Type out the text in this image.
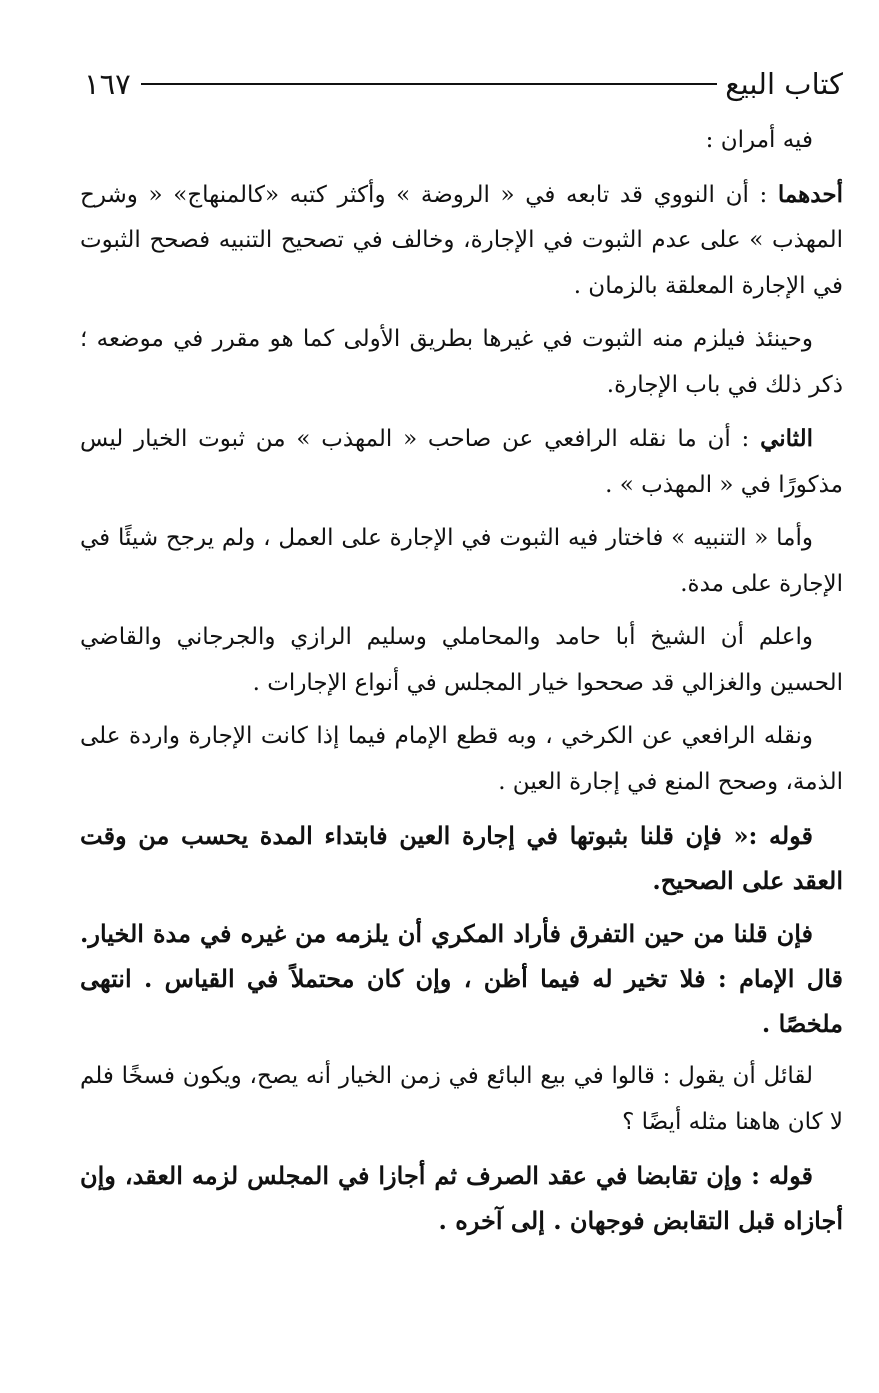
كتاب البيع
١٦٧

فيه أمران :

أحدهما : أن النووي قد تابعه في « الروضة » وأكثر كتبه «كالمنهاج» « وشرح المهذب » على عدم الثبوت في الإجارة، وخالف في تصحيح التنبيه فصحح الثبوت في الإجارة المعلقة بالزمان .

وحينئذ فيلزم منه الثبوت في غيرها بطريق الأولى كما هو مقرر في موضعه ؛ ذكر ذلك في باب الإجارة.

الثاني : أن ما نقله الرافعي عن صاحب « المهذب » من ثبوت الخيار ليس مذكورًا في « المهذب » .

وأما « التنبيه » فاختار فيه الثبوت في الإجارة على العمل ، ولم يرجح شيئًا في الإجارة على مدة.

واعلم أن الشيخ أبا حامد والمحاملي وسليم الرازي والجرجاني والقاضي الحسين والغزالي قد صححوا خيار المجلس في أنواع الإجارات .

ونقله الرافعي عن الكرخي ، وبه قطع الإمام فيما إذا كانت الإجارة واردة على الذمة، وصحح المنع في إجارة العين .

قوله :« فإن قلنا بثبوتها في إجارة العين فابتداء المدة يحسب من وقت العقد على الصحيح.

فإن قلنا من حين التفرق فأراد المكري أن يلزمه من غيره في مدة الخيار. قال الإمام : فلا تخير له فيما أظن ، وإن كان محتملاً في القياس . انتهى ملخصًا .

لقائل أن يقول : قالوا في بيع البائع في زمن الخيار أنه يصح، ويكون فسخًا فلم لا كان هاهنا مثله أيضًا ؟

قوله : وإن تقابضا في عقد الصرف ثم أجازا في المجلس لزمه العقد، وإن أجازاه قبل التقابض فوجهان . إلى آخره .
